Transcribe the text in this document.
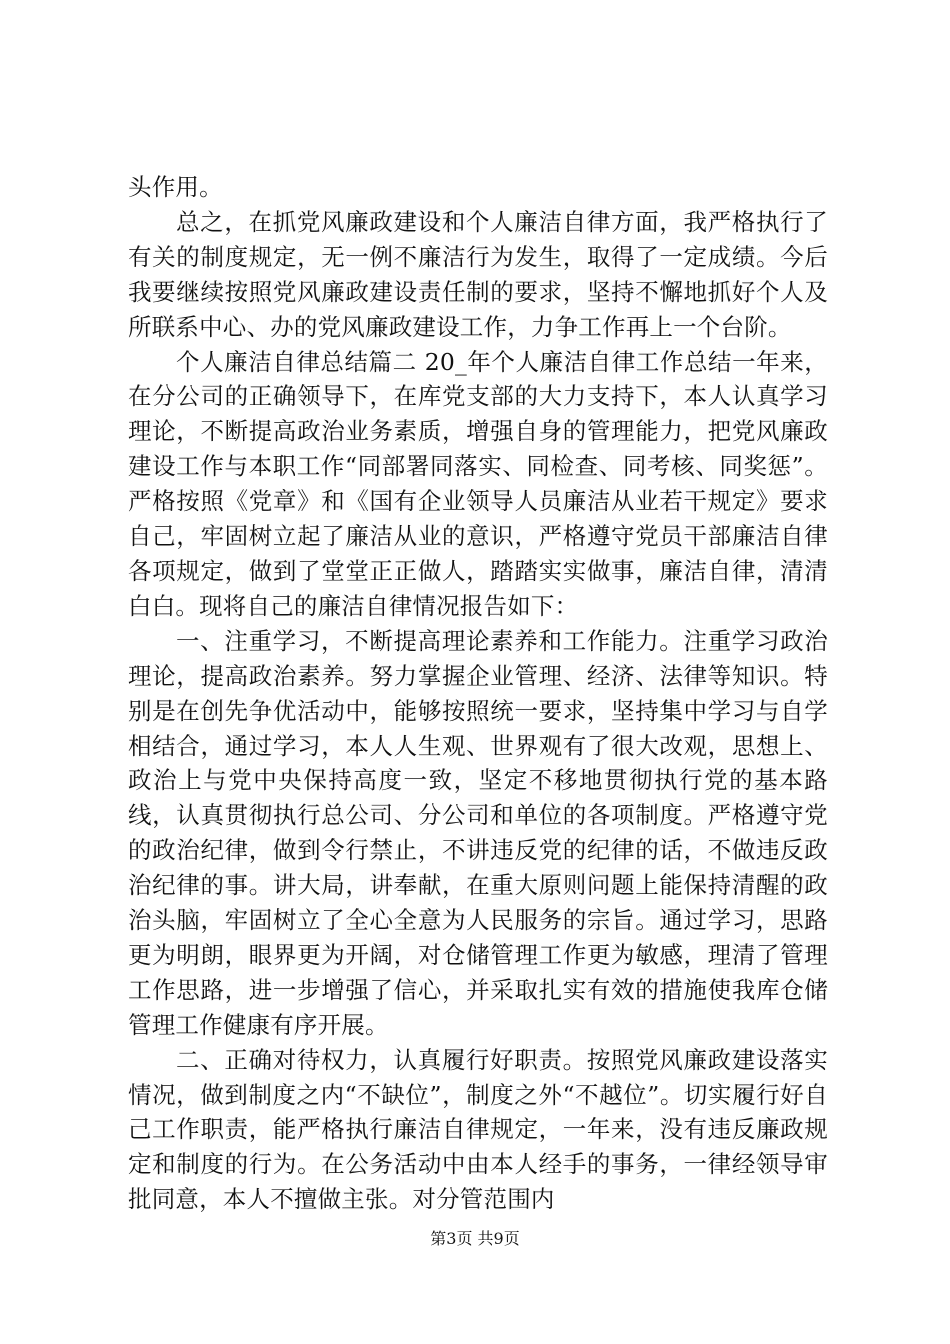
头作用。

总之，在抓党风廉政建设和个人廉洁自律方面，我严格执行了有关的制度规定，无一例不廉洁行为发生，取得了一定成绩。今后我要继续按照党风廉政建设责任制的要求，坚持不懈地抓好个人及所联系中心、办的党风廉政建设工作，力争工作再上一个台阶。

个人廉洁自律总结篇二 20_年个人廉洁自律工作总结一年来，在分公司的正确领导下，在库党支部的大力支持下，本人认真学习理论，不断提高政治业务素质，增强自身的管理能力，把党风廉政建设工作与本职工作“同部署同落实、同检查、同考核、同奖惩”。严格按照《党章》和《国有企业领导人员廉洁从业若干规定》要求自己，牢固树立起了廉洁从业的意识，严格遵守党员干部廉洁自律各项规定，做到了堂堂正正做人，踏踏实实做事，廉洁自律，清清白白。现将自己的廉洁自律情况报告如下：

一、注重学习，不断提高理论素养和工作能力。注重学习政治理论，提高政治素养。努力掌握企业管理、经济、法律等知识。特别是在创先争优活动中，能够按照统一要求，坚持集中学习与自学相结合，通过学习，本人人生观、世界观有了很大改观，思想上、政治上与党中央保持高度一致，坚定不移地贯彻执行党的基本路线，认真贯彻执行总公司、分公司和单位的各项制度。严格遵守党的政治纪律，做到令行禁止，不讲违反党的纪律的话，不做违反政治纪律的事。讲大局，讲奉献，在重大原则问题上能保持清醒的政治头脑，牢固树立了全心全意为人民服务的宗旨。通过学习，思路更为明朗，眼界更为开阔，对仓储管理工作更为敏感，理清了管理工作思路，进一步增强了信心，并采取扎实有效的措施使我库仓储管理工作健康有序开展。

二、正确对待权力，认真履行好职责。按照党风廉政建设落实情况，做到制度之内“不缺位”，制度之外“不越位”。切实履行好自己工作职责，能严格执行廉洁自律规定，一年来，没有违反廉政规定和制度的行为。在公务活动中由本人经手的事务，一律经领导审批同意，本人不擅做主张。对分管范围内

第3页 共9页
